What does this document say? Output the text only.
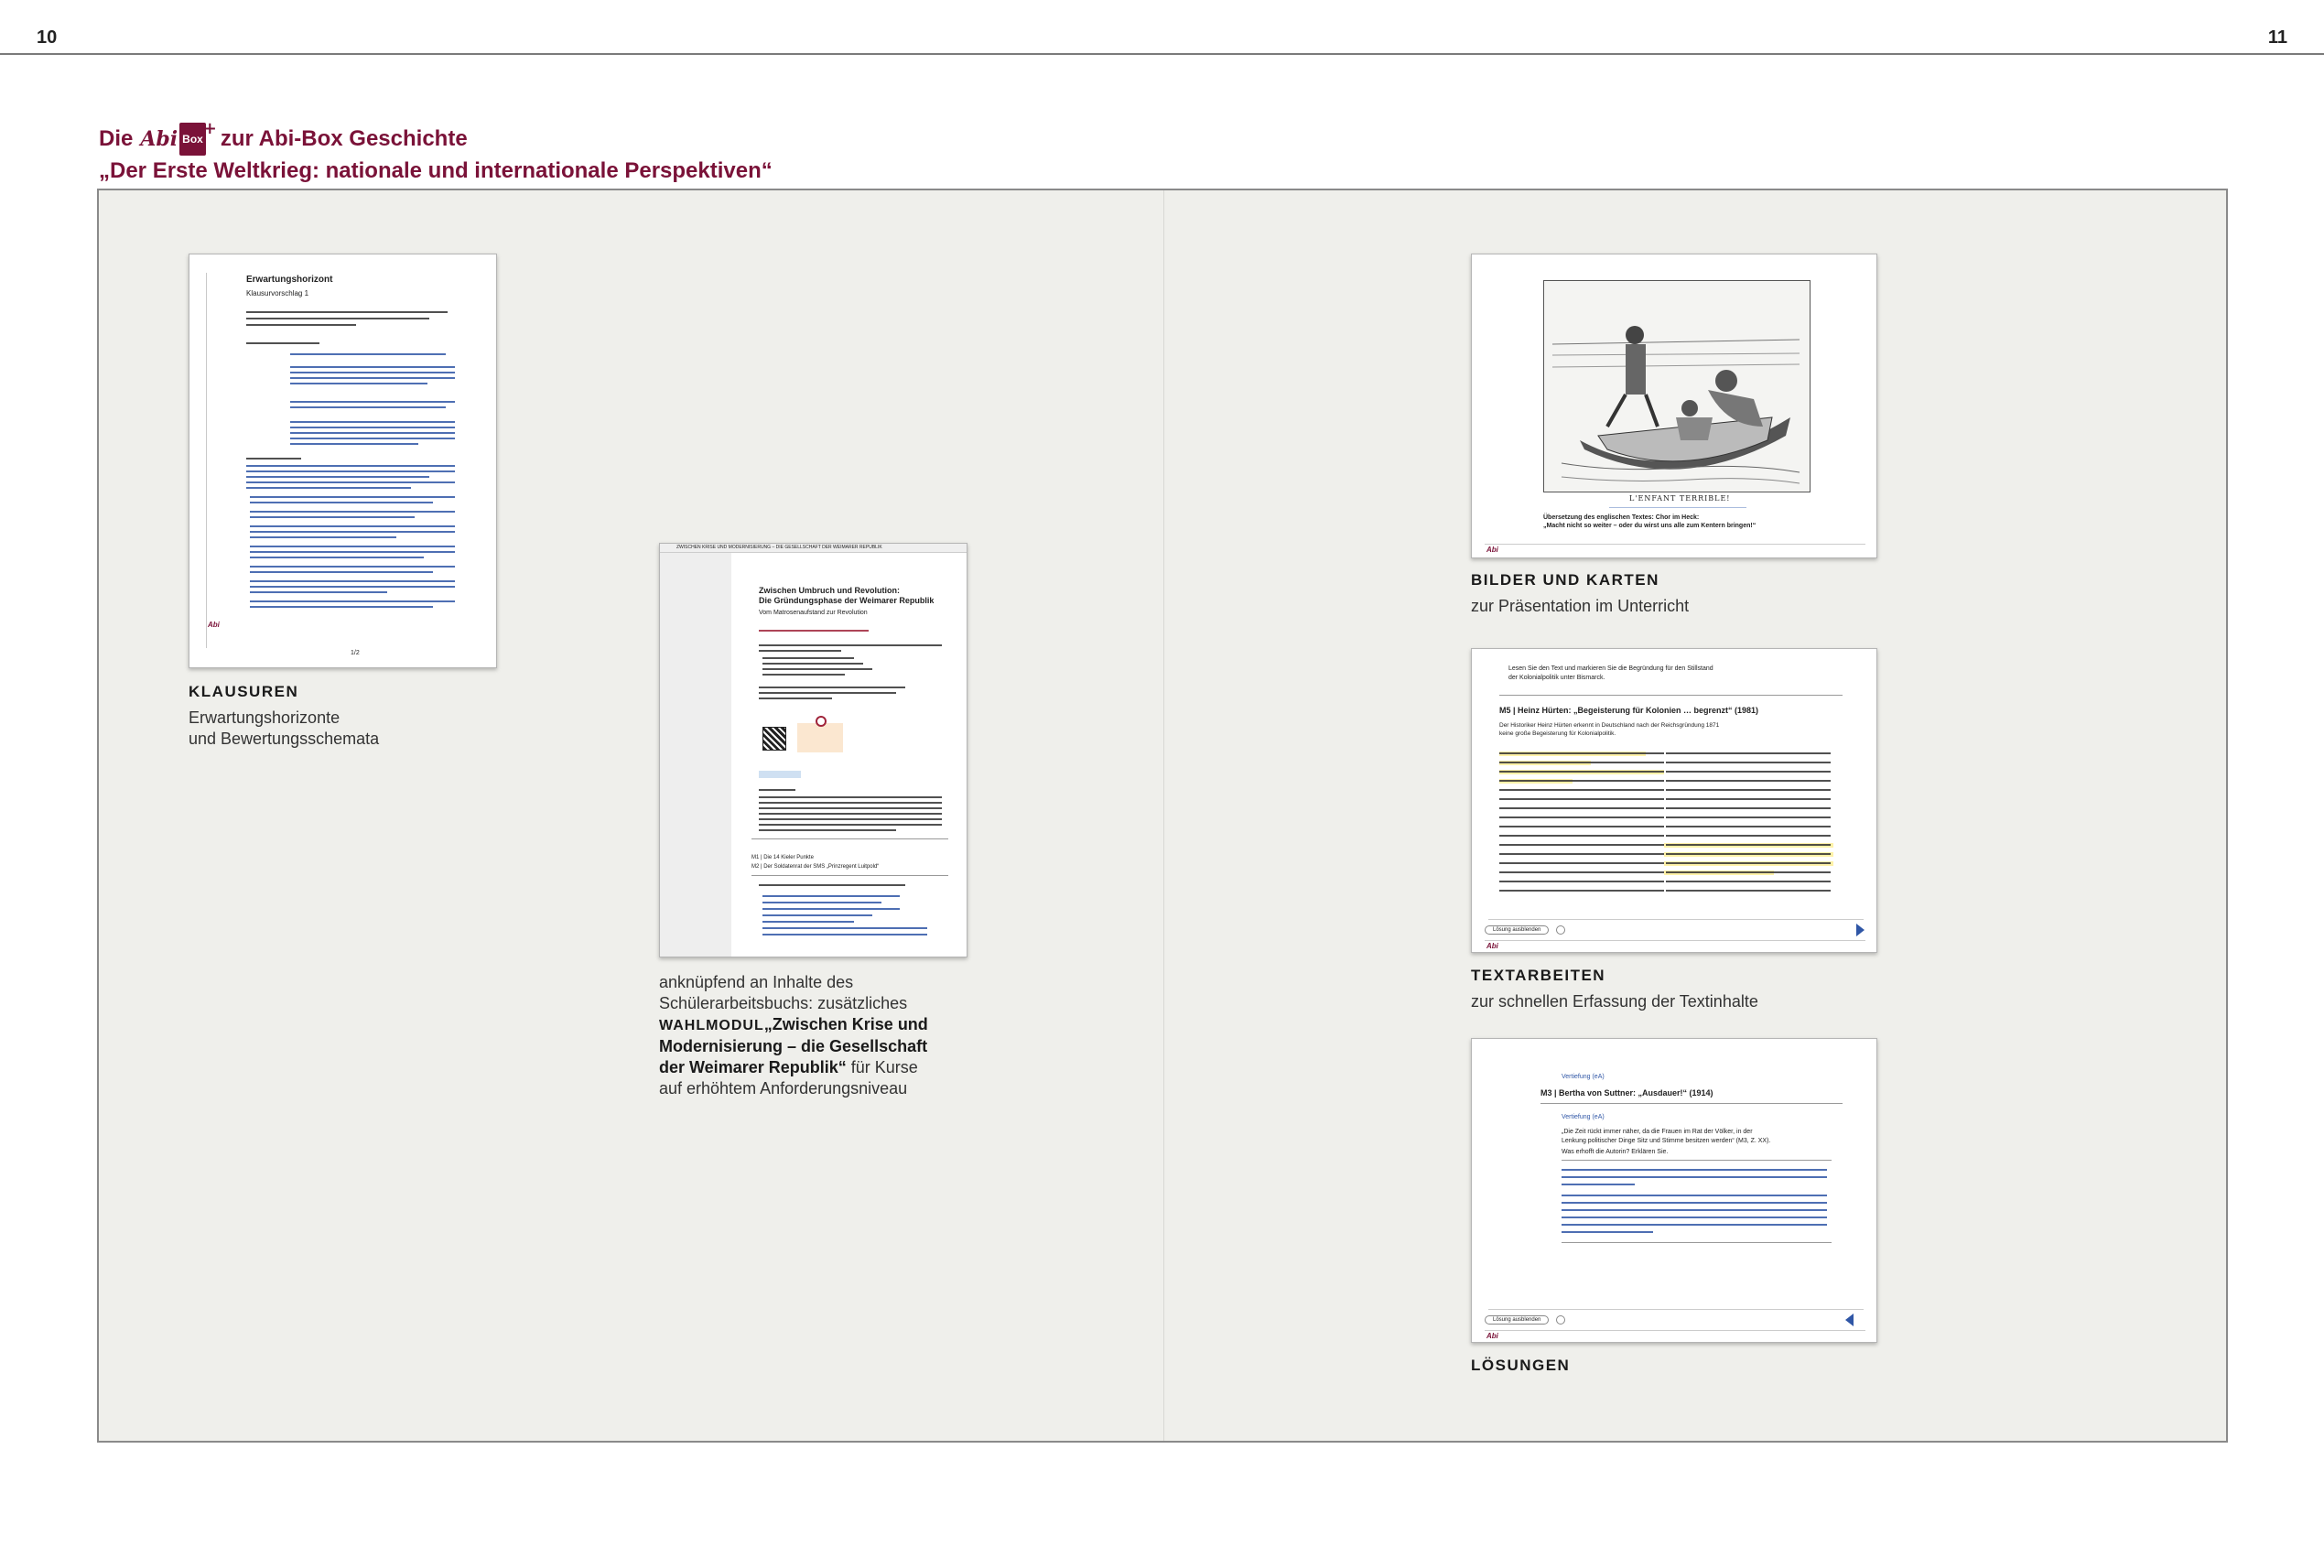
10	11
Die Abi Box
+ zur Abi-Box Geschichte
„Der Erste Weltkrieg: nationale und internationale Perspektiven“
Erwartungshorizont
Klausurvorschlag 1
Abi
1/2
KLAUSUREN
Erwartungshorizonte
und Bewertungsschemata
ZWISCHEN KRISE UND MODERNISIERUNG – DIE GESELLSCHAFT DER WEIMARER REPUBLIK
Zwischen Umbruch und Revolution:
Die Gründungsphase der Weimarer Republik
Vom Matrosenaufstand zur Revolution
M1 | Die 14 Kieler Punkte
M2 | Der Soldatenrat der SMS „Prinzregent Luitpold“
anknüpfend an Inhalte des
Schülerarbeitsbuchs: zusätzliches
WAHLMODUL„Zwischen Krise und
Modernisierung – die Gesellschaft
der Weimarer Republik“ für Kurse
auf erhöhtem Anforderungsniveau
L'ENFANT TERRIBLE!
Übersetzung des englischen Textes: Chor im Heck:
„Macht nicht so weiter – oder du wirst uns alle zum Kentern bringen!“
Abi
BILDER UND KARTEN
zur Präsentation im Unterricht
Lesen Sie den Text und markieren Sie die Begründung für den Stillstand
der Kolonialpolitik unter Bismarck.
M5 | Heinz Hürten: „Begeisterung für Kolonien … begrenzt“ (1981)
Der Historiker Heinz Hürten erkennt in Deutschland nach der Reichsgründung 1871
keine große Begeisterung für Kolonialpolitik.
Lösung ausblenden
Abi
TEXTARBEITEN
zur schnellen Erfassung der Textinhalte
Vertiefung (eA)
M3 | Bertha von Suttner: „Ausdauer!“ (1914)
Vertiefung (eA)
„Die Zeit rückt immer näher, da die Frauen im Rat der Völker, in der
Lenkung politischer Dinge Sitz und Stimme besitzen werden“ (M3, Z. XX).
Was erhofft die Autorin? Erklären Sie.
Lösung ausblenden
Abi
LÖSUNGEN
